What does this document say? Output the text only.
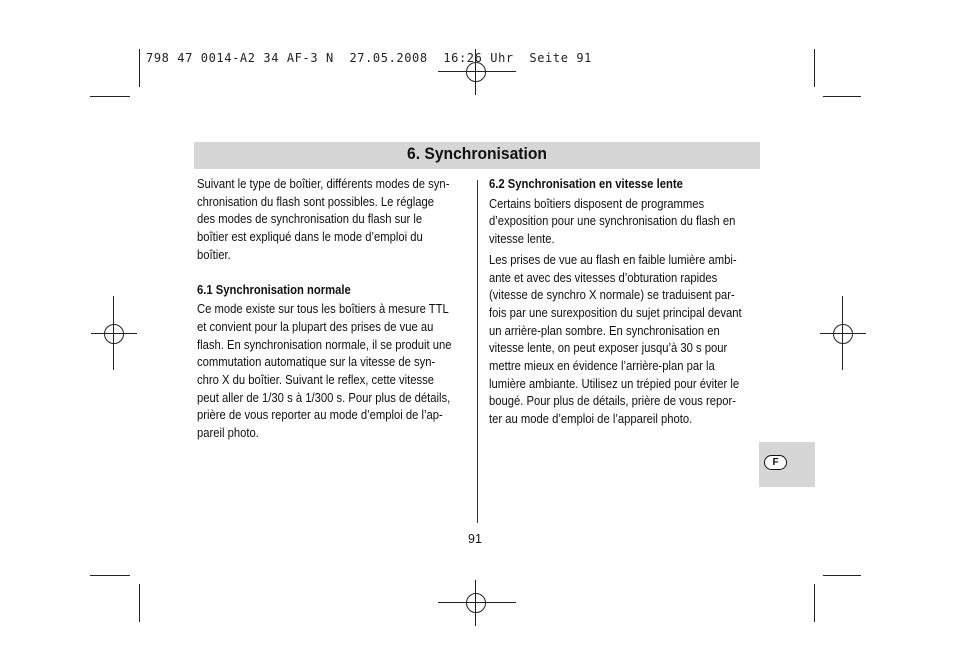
798 47 0014-A2 34 AF-3 N  27.05.2008  16:26 Uhr  Seite 91
6. Synchronisation

Suivant le type de boîtier, différents modes de syn-

chronisation du flash sont possibles. Le réglage

des modes de synchronisation du flash sur le

boîtier est expliqué dans le mode d’emploi du

boîtier.

6.1 Synchronisation normale

Ce mode existe sur tous les boîtiers à mesure TTL

et convient pour la plupart des prises de vue au

flash. En synchronisation normale, il se produit une

commutation automatique sur la vitesse de syn-

chro X du boîtier. Suivant le reflex, cette vitesse

peut aller de 1/30 s à 1/300 s. Pour plus de détails,

prière de vous reporter au mode d’emploi de l’ap-

pareil photo.

6.2 Synchronisation en vitesse lente

Certains boîtiers disposent de programmes

d’exposition pour une synchronisation du flash en

vitesse lente.

Les prises de vue au flash en faible lumière ambi-

ante et avec des vitesses d’obturation rapides

(vitesse de synchro X normale) se traduisent par-

fois par une surexposition du sujet principal devant

un arrière-plan sombre. En synchronisation en

vitesse lente, on peut exposer jusqu’à 30 s pour

mettre mieux en évidence l’arrière-plan par la

lumière ambiante. Utilisez un trépied pour éviter le

bougé. Pour plus de détails, prière de vous repor-

ter au mode d’emploi de l’appareil photo.

91
F
